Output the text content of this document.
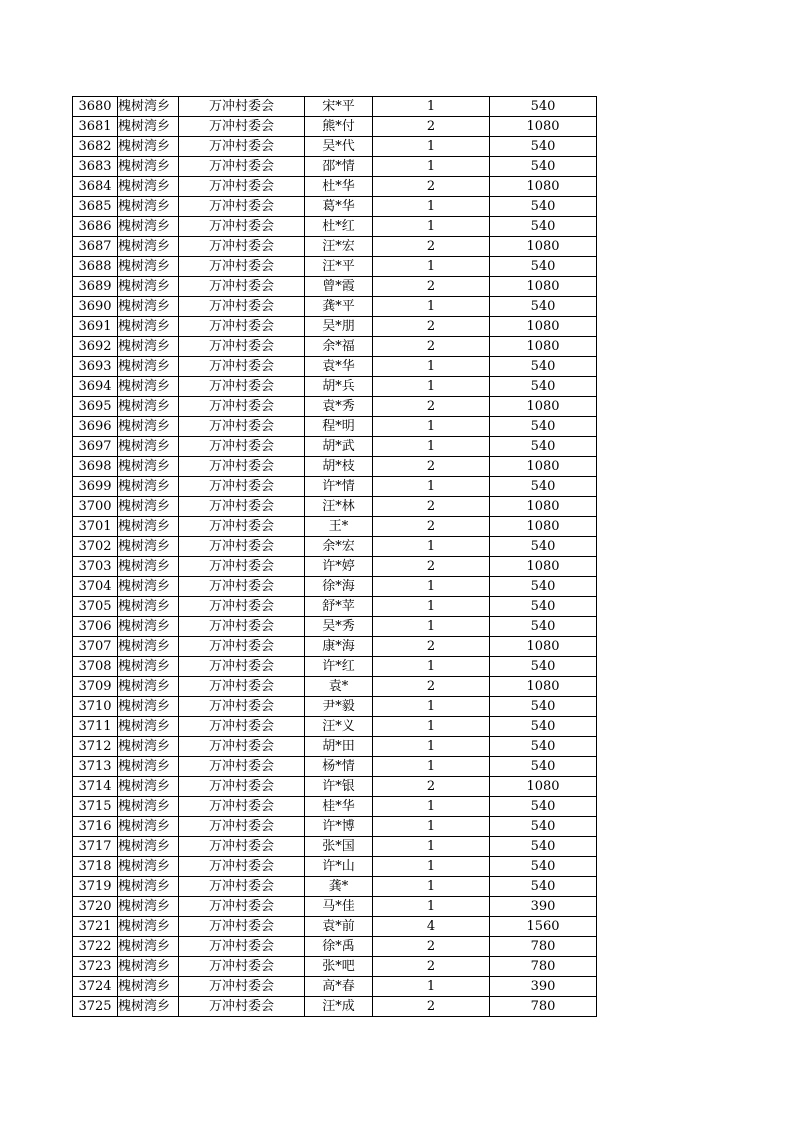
3680	槐树湾乡	万冲村委会	宋*平	1	540
3681	槐树湾乡	万冲村委会	熊*付	2	1080
3682	槐树湾乡	万冲村委会	吴*代	1	540
3683	槐树湾乡	万冲村委会	邵*情	1	540
3684	槐树湾乡	万冲村委会	杜*华	2	1080
3685	槐树湾乡	万冲村委会	葛*华	1	540
3686	槐树湾乡	万冲村委会	杜*红	1	540
3687	槐树湾乡	万冲村委会	汪*宏	2	1080
3688	槐树湾乡	万冲村委会	汪*平	1	540
3689	槐树湾乡	万冲村委会	曾*霞	2	1080
3690	槐树湾乡	万冲村委会	龚*平	1	540
3691	槐树湾乡	万冲村委会	吴*朋	2	1080
3692	槐树湾乡	万冲村委会	余*福	2	1080
3693	槐树湾乡	万冲村委会	袁*华	1	540
3694	槐树湾乡	万冲村委会	胡*兵	1	540
3695	槐树湾乡	万冲村委会	袁*秀	2	1080
3696	槐树湾乡	万冲村委会	程*明	1	540
3697	槐树湾乡	万冲村委会	胡*武	1	540
3698	槐树湾乡	万冲村委会	胡*枝	2	1080
3699	槐树湾乡	万冲村委会	许*情	1	540
3700	槐树湾乡	万冲村委会	汪*林	2	1080
3701	槐树湾乡	万冲村委会	王*	2	1080
3702	槐树湾乡	万冲村委会	余*宏	1	540
3703	槐树湾乡	万冲村委会	许*婷	2	1080
3704	槐树湾乡	万冲村委会	徐*海	1	540
3705	槐树湾乡	万冲村委会	舒*苹	1	540
3706	槐树湾乡	万冲村委会	吴*秀	1	540
3707	槐树湾乡	万冲村委会	康*海	2	1080
3708	槐树湾乡	万冲村委会	许*红	1	540
3709	槐树湾乡	万冲村委会	袁*	2	1080
3710	槐树湾乡	万冲村委会	尹*毅	1	540
3711	槐树湾乡	万冲村委会	汪*义	1	540
3712	槐树湾乡	万冲村委会	胡*田	1	540
3713	槐树湾乡	万冲村委会	杨*情	1	540
3714	槐树湾乡	万冲村委会	许*银	2	1080
3715	槐树湾乡	万冲村委会	桂*华	1	540
3716	槐树湾乡	万冲村委会	许*博	1	540
3717	槐树湾乡	万冲村委会	张*国	1	540
3718	槐树湾乡	万冲村委会	许*山	1	540
3719	槐树湾乡	万冲村委会	龚*	1	540
3720	槐树湾乡	万冲村委会	马*佳	1	390
3721	槐树湾乡	万冲村委会	袁*前	4	1560
3722	槐树湾乡	万冲村委会	徐*禹	2	780
3723	槐树湾乡	万冲村委会	张*吧	2	780
3724	槐树湾乡	万冲村委会	高*春	1	390
3725	槐树湾乡	万冲村委会	汪*成	2	780
